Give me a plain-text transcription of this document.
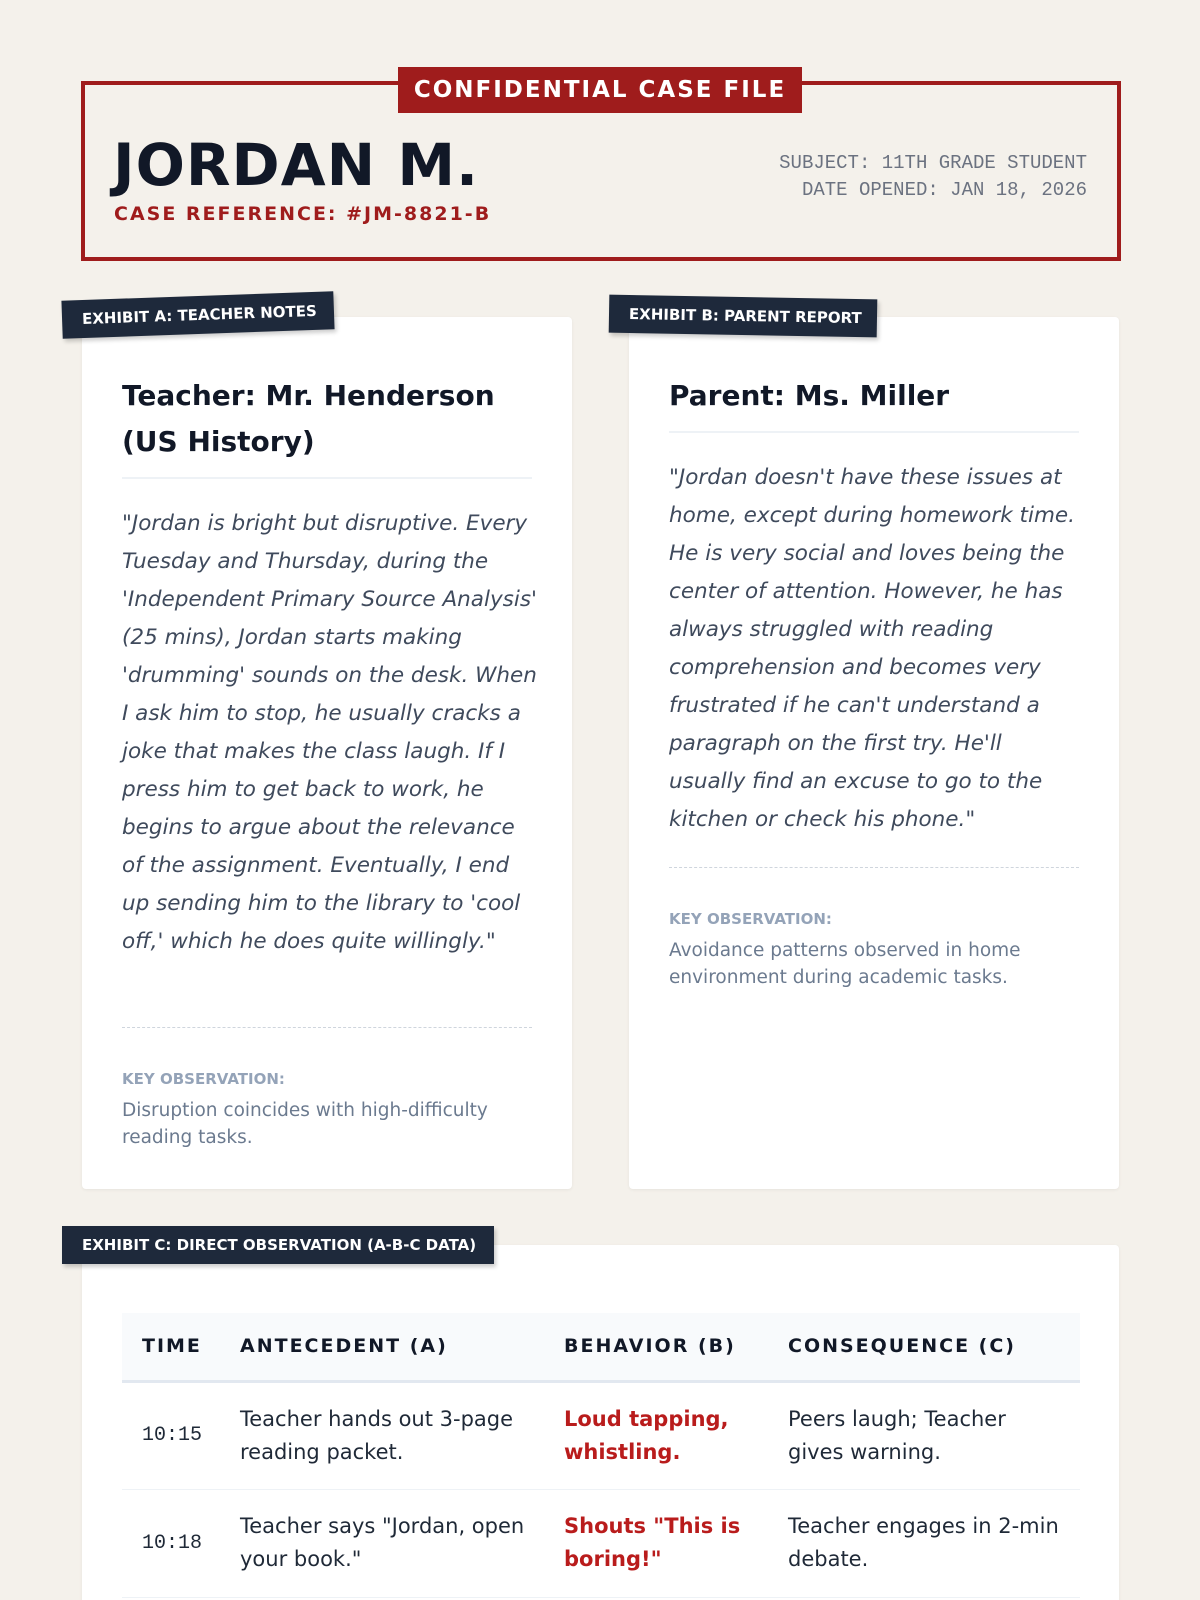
CONFIDENTIAL CASE FILE
JORDAN M.
CASE REFERENCE: #JM-8821-B
SUBJECT: 11TH GRADE STUDENT
DATE OPENED: JAN 18, 2026
Teacher: Mr. Henderson (US History)
"Jordan is bright but disruptive. Every Tuesday and Thursday, during the 'Independent Primary Source Analysis' (25 mins), Jordan starts making 'drumming' sounds on the desk. When I ask him to stop, he usually cracks a joke that makes the class laugh. If I press him to get back to work, he begins to argue about the relevance of the assignment. Eventually, I end up sending him to the library to 'cool off,' which he does quite willingly."
KEY OBSERVATION:
Disruption coincides with high-difficulty reading tasks.
EXHIBIT A: TEACHER NOTES
Parent: Ms. Miller
"Jordan doesn't have these issues at home, except during homework time. He is very social and loves being the center of attention. However, he has always struggled with reading comprehension and becomes very frustrated if he can't understand a paragraph on the first try. He'll usually find an excuse to go to the kitchen or check his phone."
KEY OBSERVATION:
Avoidance patterns observed in home environment during academic tasks.
EXHIBIT B: PARENT REPORT
TIME	ANTECEDENT (A)	BEHAVIOR (B)	CONSEQUENCE (C)
10:15	Teacher hands out 3-page reading packet.	Loud tapping, whistling.	Peers laugh; Teacher gives warning.
10:18	Teacher says "Jordan, open your book."	Shouts "This is boring!"	Teacher engages in 2-min debate.
EXHIBIT C: DIRECT OBSERVATION (A-B-C DATA)
